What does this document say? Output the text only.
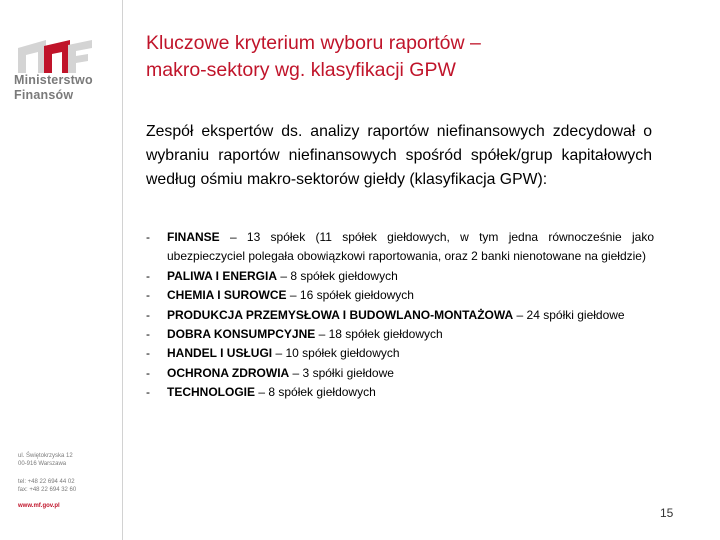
Ministerstwo
Finansów
ul. Świętokrzyska 12
00-916 Warszawa
tel: +48 22 694 44 02
fax: +48 22 694 32 60
www.mf.gov.pl
Kluczowe kryterium wyboru raportów –
makro-sektory wg. klasyfikacji GPW
Zespół ekspertów ds. analizy raportów niefinansowych zdecydował o wybraniu raportów niefinansowych spośród spółek/grup kapitałowych według ośmiu makro-sektorów giełdy (klasyfikacja GPW):
- FINANSE – 13 spółek (11 spółek giełdowych, w tym jedna równocześnie jako ubezpieczyciel polegała obowiązkowi raportowania, oraz 2 banki nienotowane na giełdzie)
- PALIWA I ENERGIA – 8 spółek giełdowych
- CHEMIA I SUROWCE – 16 spółek giełdowych
- PRODUKCJA PRZEMYSŁOWA I BUDOWLANO-MONTAŻOWA – 24 spółki giełdowe
- DOBRA KONSUMPCYJNE – 18 spółek giełdowych
- HANDEL I USŁUGI – 10 spółek giełdowych
- OCHRONA ZDROWIA – 3 spółki giełdowe
- TECHNOLOGIE – 8 spółek giełdowych
15
